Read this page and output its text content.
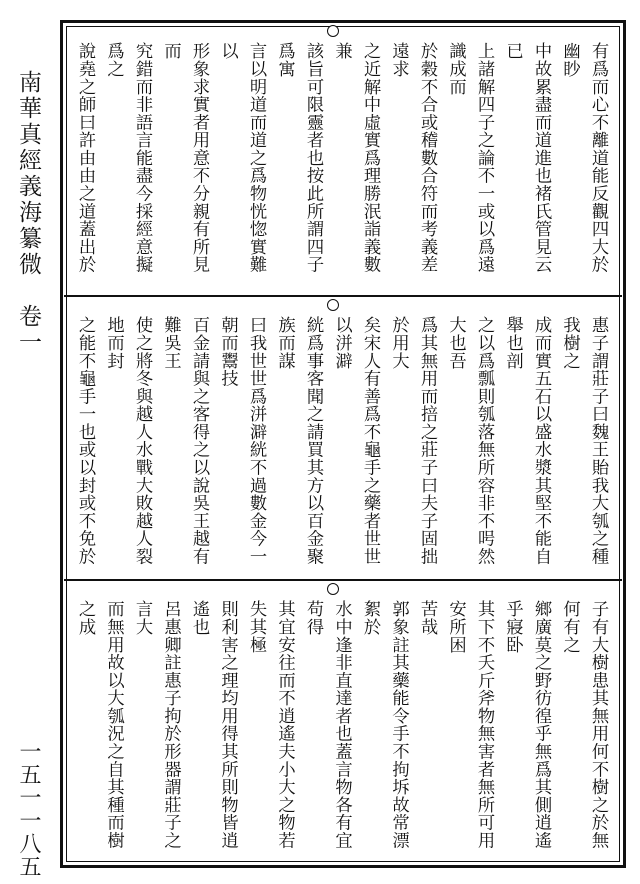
南華真經義海纂微　卷一
一五一一八五

有爲而心不離道能反觀四大於幽眇

中故累盡而道進也褚氏管見云已

上諸解四子之論不一或以爲遠識成而

於穀不合或稽數合符而考義差遠求

之近解中虛實爲理勝泯詣義數兼

該旨可限靈者也按此所謂四子爲寓

言以明道而道之爲物恍惚實難以

形象求實者用意不分親有所見而

究錯而非語言能盡今採經意擬爲之

說堯之師曰許由由之道蓋出於

惠子謂莊子曰魏王貽我大瓠之種我樹之

成而實五石以盛水漿其堅不能自舉也剖

之以爲瓢則瓠落無所容非不呺然大也吾

爲其無用而掊之莊子曰夫子固拙於用大

矣宋人有善爲不龜手之藥者世世以洴澼

絖爲事客聞之請買其方以百金聚族而謀

曰我世世爲洴澼絖不過數金今一朝而鬻技

百金請與之客得之以說吳王越有難吳王

使之將冬與越人水戰大敗越人裂地而封

之能不龜手一也或以封或不免於

子有大樹患其無用何不樹之於無何有之

鄉廣莫之野彷徨乎無爲其側逍遙乎寢卧

其下不夭斤斧物無害者無所可用安所困

苦哉

郭象註其藥能令手不拘坼故常漂絮於

水中逢非直達者也蓋言物各有宜苟得

其宜安往而不逍遙夫小大之物若失其極

則利害之理均用得其所則物皆逍遙也

呂惠卿註惠子拘於形器謂莊子之言大

而無用故以大瓠況之自其種而樹之成
